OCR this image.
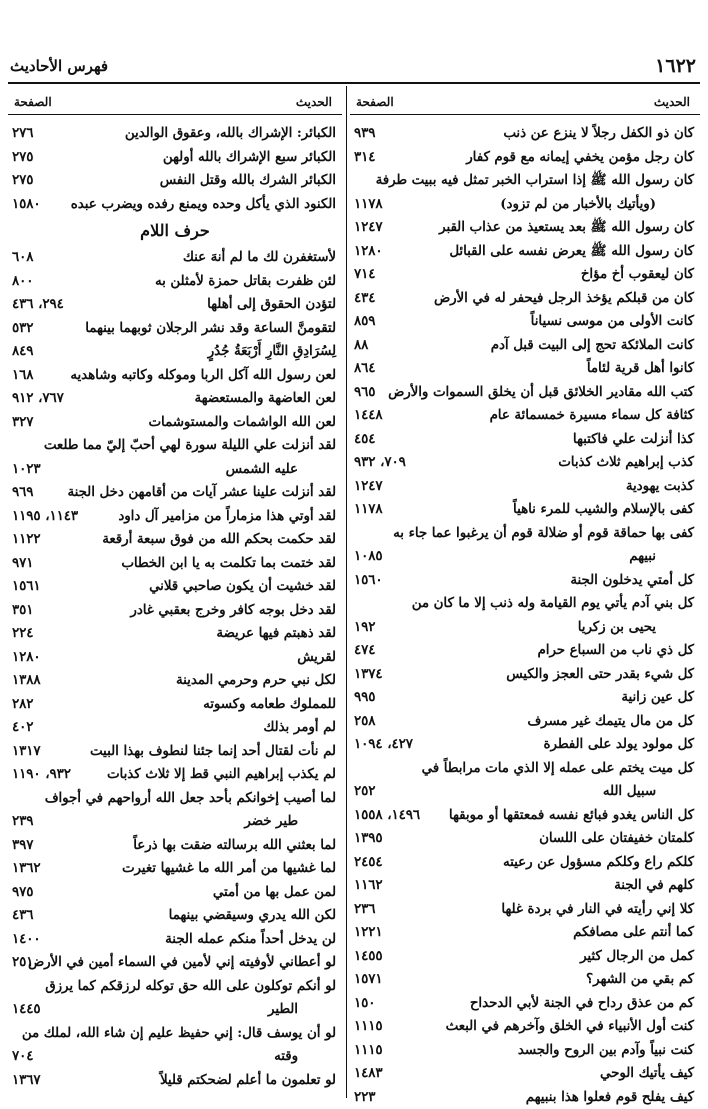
١٦٢٢
فهرس الأحاديث
الحديث
الصفحة
كان ذو الكفل رجلاً لا ينزع عن ذنب
٩٣٩
كان رجل مؤمن يخفي إيمانه مع قوم كفار
٣١٤
كان رسول الله ﷺ إذا استراب الخبر تمثل فيه ببيت طرفة
(ويأتيك بالأخبار من لم تزود)
١١٧٨
كان رسول الله ﷺ بعد يستعيذ من عذاب القبر
١٢٤٧
كان رسول الله ﷺ يعرض نفسه على القبائل
١٢٨٠
كان ليعقوب أخ مؤاخ
٧١٤
كان من قبلكم يؤخذ الرجل فيحفر له في الأرض
٤٣٤
كانت الأولى من موسى نسياناً
٨٥٩
كانت الملائكة تحج إلى البيت قبل آدم
٨٨
كانوا أهل قرية لئاماً
٨٦٤
كتب الله مقادير الخلائق قبل أن يخلق السموات والأرض
٩٦٥
كثافة كل سماء مسيرة خمسمائة عام
١٤٤٨
كذا أنزلت علي فاكتبها
٤٥٤
كذب إبراهيم ثلاث كذبات
٧٠٩، ٩٣٢
كذبت يهودية
١٢٤٧
كفى بالإسلام والشيب للمرء ناهياً
١١٧٨
كفى بها حماقة قوم أو ضلالة قوم أن يرغبوا عما جاء به
نبيهم
١٠٨٥
كل أمتي يدخلون الجنة
١٥٦٠
كل بني آدم يأتي يوم القيامة وله ذنب إلا ما كان من
يحيى بن زكريا
١٩٢
كل ذي ناب من السباع حرام
٤٧٤
كل شيء بقدر حتى العجز والكيس
١٣٧٤
كل عين زانية
٩٩٥
كل من مال يتيمك غير مسرف
٢٥٨
كل مولود يولد على الفطرة
٤٢٧، ١٠٩٤
كل ميت يختم على عمله إلا الذي مات مرابطاً في
سبيل الله
٢٥٢
كل الناس يغدو فبائع نفسه فمعتقها أو موبقها
١٤٩٦، ١٥٥٨
كلمتان خفيفتان على اللسان
١٣٩٥
كلكم راع وكلكم مسؤول عن رعيته
٢٤٥٤
كلهم في الجنة
١١٦٢
كلا إني رأيته في النار في بردة غلها
٢٣٦
كما أنتم على مصافكم
١٢٢١
كمل من الرجال كثير
١٤٥٥
كم بقي من الشهر؟
١٥٧١
كم من عذق رداح في الجنة لأبي الدحداح
١٥٠
كنت أول الأنبياء في الخلق وآخرهم في البعث
١١١٥
كنت نبياً وآدم بين الروح والجسد
١١١٥
كيف يأتيك الوحي
١٤٨٣
كيف يفلح قوم فعلوا هذا بنبيهم
٢٢٣
الحديث
الصفحة
الكبائر: الإشراك بالله، وعقوق الوالدين
٢٧٦
الكبائر سبع الإشراك بالله أولهن
٢٧٥
الكبائر الشرك بالله وقتل النفس
٢٧٥
الكنود الذي يأكل وحده ويمنع رفده ويضرب عبده
١٥٨٠
حرف اللام
لأستغفرن لك ما لم أنهَ عنك
٦٠٨
لئن ظفرت بقاتل حمزة لأمثلن به
٨٠٠
لتؤدن الحقوق إلى أهلها
٢٩٤، ٤٣٦
لتقومنَّ الساعة وقد نشر الرجلان ثوبهما بينهما
٥٣٢
لِسُرَادِقِ النَّارِ أَرْبَعَةُ جُدُرٍ
٨٤٩
لعن رسول الله آكل الربا وموكله وكاتبه وشاهديه
١٦٨
لعن العاضهة والمستعضهة
٧٦٧، ٩١٢
لعن الله الواشمات والمستوشمات
٣٢٧
لقد أنزلت علي الليلة سورة لهي أحبّ إليّ مما طلعت
عليه الشمس
١٠٢٣
لقد أنزلت علينا عشر آيات من أقامهن دخل الجنة
٩٦٩
لقد أوتي هذا مزماراً من مزامير آل داود
١١٤٣، ١١٩٥
لقد حكمت بحكم الله من فوق سبعة أرقعة
١١٢٢
لقد ختمت بما تكلمت به يا ابن الخطاب
٩٧١
لقد خشيت أن يكون صاحبي قلاني
١٥٦١
لقد دخل بوجه كافر وخرج بعقبي غادر
٣٥١
لقد ذهبتم فيها عريضة
٢٢٤
لقريش
١٢٨٠
لكل نبي حرم وحرمي المدينة
١٣٨٨
للمملوك طعامه وكسوته
٢٨٢
لم أومر بذلك
٤٠٢
لم نأت لقتال أحد إنما جئنا لنطوف بهذا البيت
١٣١٧
لم يكذب إبراهيم النبي قط إلا ثلاث كذبات
٩٣٢، ١١٩٠
لما أصيب إخوانكم بأحد جعل الله أرواحهم في أجواف
طير خضر
٢٣٩
لما بعثني الله برسالته ضقت بها ذرعاً
٣٩٧
لما غشيها من أمر الله ما غشيها تغيرت
١٣٦٢
لمن عمل بها من أمتي
٩٧٥
لكن الله يدري وسيقضي بينهما
٤٣٦
لن يدخل أحداً منكم عمله الجنة
١٤٠٠
لو أعطاني لأوفيته إني لأمين في السماء أمين في الأرض
٢٥١
لو أنكم توكلون على الله حق توكله لرزقكم كما يرزق
الطير
١٤٤٥
لو أن يوسف قال: إني حفيظ عليم إن شاء الله، لملك من
وقته
٧٠٤
لو تعلمون ما أعلم لضحكتم قليلاً
١٣٦٧
